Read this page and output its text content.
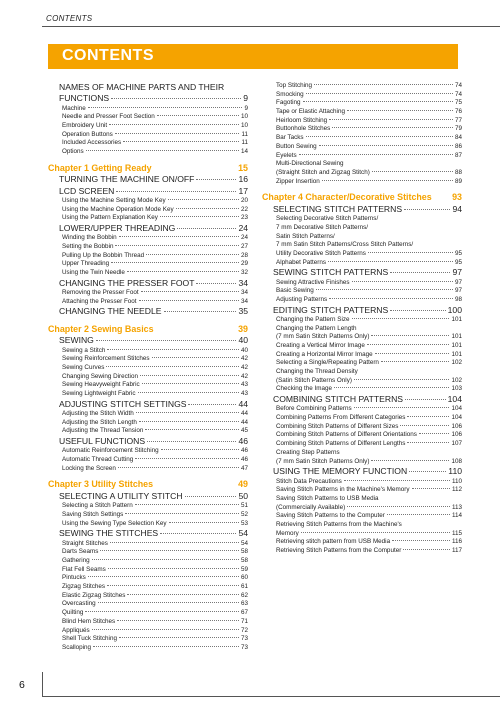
CONTENTS
CONTENTS
NAMES OF MACHINE PARTS AND THEIR
FUNCTIONS	9
Machine	9
Needle and Presser Foot Section	10
Embroidery Unit	10
Operation Buttons	11
Included Accessories	11
Options	14
Chapter 1 Getting Ready	15
TURNING THE MACHINE ON/OFF	16
LCD SCREEN	17
Using the Machine Setting Mode Key	20
Using the Machine Operation Mode Key	22
Using the Pattern Explanation Key	23
LOWER/UPPER THREADING	24
Winding the Bobbin	24
Setting the Bobbin	27
Pulling Up the Bobbin Thread	28
Upper Threading	29
Using the Twin Needle	32
CHANGING THE PRESSER FOOT	34
Removing the Presser Foot	34
Attaching the Presser Foot	34
CHANGING THE NEEDLE	35
Chapter 2 Sewing Basics	39
SEWING	40
Sewing a Stitch	40
Sewing Reinforcement Stitches	42
Sewing Curves	42
Changing Sewing Direction	42
Sewing Heavyweight Fabric	43
Sewing Lightweight Fabric	43
ADJUSTING STITCH SETTINGS	44
Adjusting the Stitch Width	44
Adjusting the Stitch Length	44
Adjusting the Thread Tension	45
USEFUL FUNCTIONS	46
Automatic Reinforcement Stitching	46
Automatic Thread Cutting	46
Locking the Screen	47
Chapter 3 Utility Stitches	49
SELECTING A UTILITY STITCH	50
Selecting a Stitch Pattern	51
Saving Stitch Settings	52
Using the Sewing Type Selection Key	53
SEWING THE STITCHES	54
Straight Stitches	54
Darts Seams	58
Gathering	58
Flat Fell Seams	59
Pintucks	60
Zigzag Stitches	61
Elastic Zigzag Stitches	62
Overcasting	63
Quilting	67
Blind Hem Stitches	71
Appliqués	72
Shell Tuck Stitching	73
Scalloping	73
Top Stitching	74
Smocking	74
Fagoting	75
Tape or Elastic Attaching	76
Heirloom Stitching	77
Buttonhole Stitches	79
Bar Tacks	84
Button Sewing	86
Eyelets	87
Multi-Directional Sewing
(Straight Stitch and Zigzag Stitch)	88
Zipper Insertion	89
Chapter 4 Character/Decorative Stitches	93
SELECTING STITCH PATTERNS	94
Selecting Decorative Stitch Patterns/
7 mm Decorative Stitch Patterns/
Satin Stitch Patterns/
7 mm Satin Stitch Patterns/Cross Stitch Patterns/
Utility Decorative Stitch Patterns	95
Alphabet Patterns	95
SEWING STITCH PATTERNS	97
Sewing Attractive Finishes	97
Basic Sewing	97
Adjusting Patterns	98
EDITING STITCH PATTERNS	100
Changing the Pattern Size	101
Changing the Pattern Length
(7 mm Satin Stitch Patterns Only)	101
Creating a Vertical Mirror Image	101
Creating a Horizontal Mirror Image	101
Selecting a Single/Repeating Pattern	102
Changing the Thread Density
(Satin Stitch Patterns Only)	102
Checking the Image	103
COMBINING STITCH PATTERNS	104
Before Combining Patterns	104
Combining Patterns From Different Categories	104
Combining Stitch Patterns of Different Sizes	106
Combining Stitch Patterns of Different Orientations	106
Combining Stitch Patterns of Different Lengths	107
Creating Step Patterns
(7 mm Satin Stitch Patterns Only)	108
USING THE MEMORY FUNCTION	110
Stitch Data Precautions	110
Saving Stitch Patterns in the Machine's Memory	112
Saving Stitch Patterns to USB Media
(Commercially Available)	113
Saving Stitch Patterns to the Computer	114
Retrieving Stitch Patterns from the Machine's
Memory	115
Retrieving stitch pattern from USB Media	116
Retrieving Stitch Patterns from the Computer	117
6
